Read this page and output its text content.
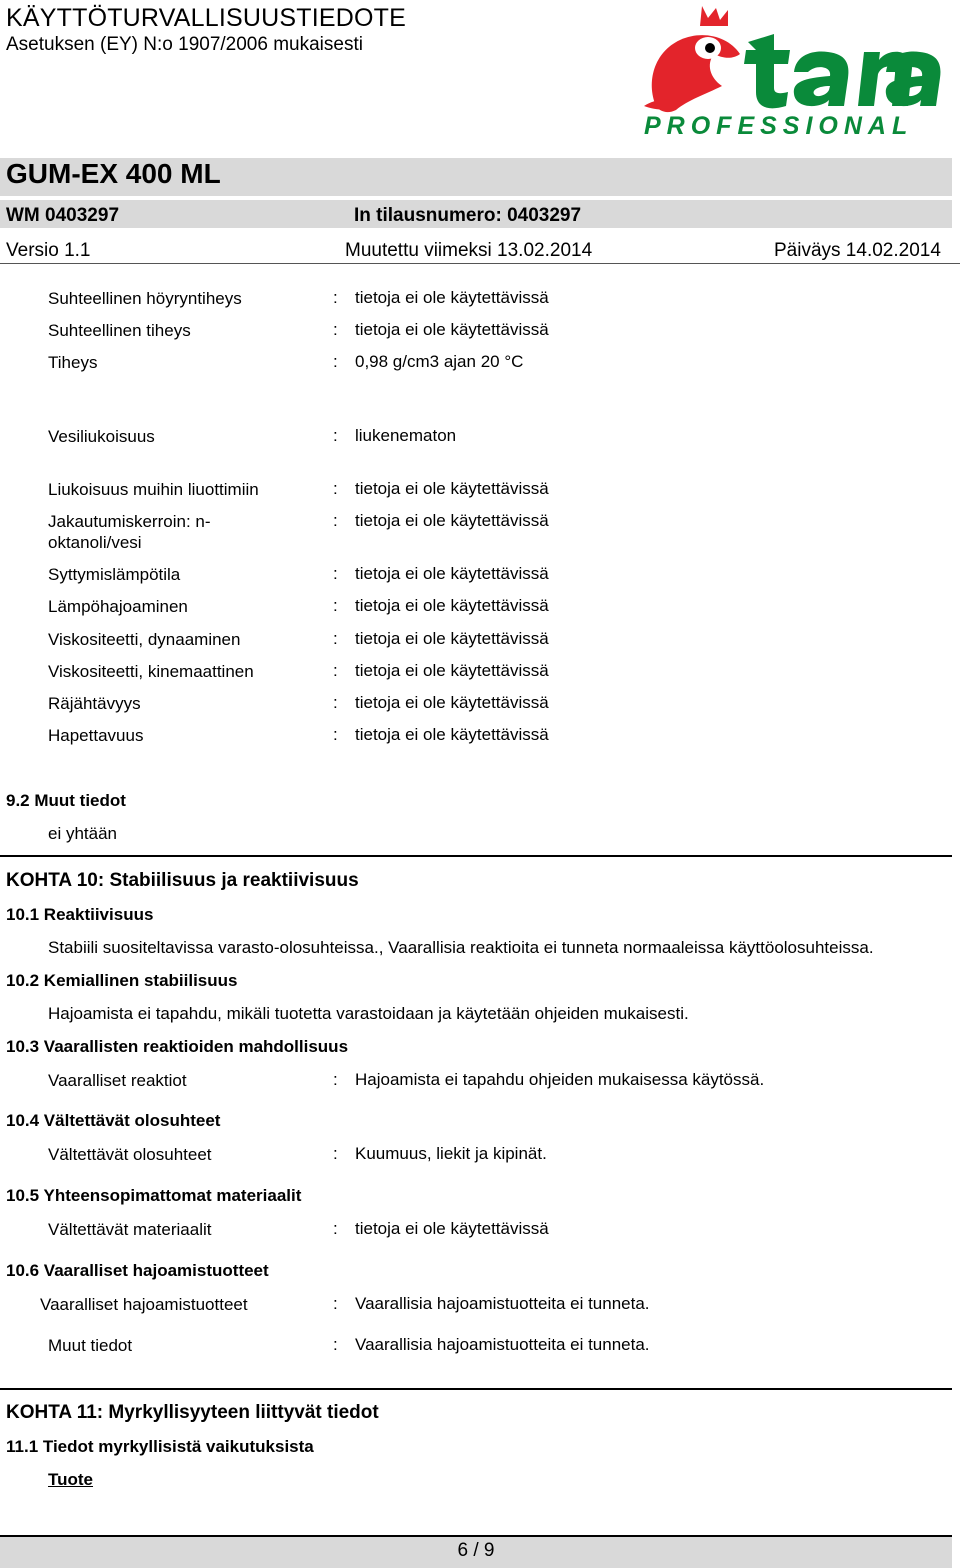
KÄYTTÖTURVALLISUUSTIEDOTE
Asetuksen (EY) N:o 1907/2006 mukaisesti
PROFESSIONAL
GUM-EX 400 ML
WM 0403297	In tilausnumero: 0403297
Versio 1.1	Muutettu viimeksi 13.02.2014	Päiväys 14.02.2014
Suhteellinen höyryntiheys	: tietoja ei ole käytettävissä
Suhteellinen tiheys	: tietoja ei ole käytettävissä
Tiheys	: 0,98 g/cm3 ajan 20 °C
Vesiliukoisuus	: liukenematon
Liukoisuus muihin liuottimiin	: tietoja ei ole käytettävissä
Jakautumiskerroin: n-
oktanoli/vesi
: tietoja ei ole käytettävissä
Syttymislämpötila	: tietoja ei ole käytettävissä
Lämpöhajoaminen	: tietoja ei ole käytettävissä
Viskositeetti, dynaaminen	: tietoja ei ole käytettävissä
Viskositeetti, kinemaattinen	: tietoja ei ole käytettävissä
Räjähtävyys	: tietoja ei ole käytettävissä
Hapettavuus	: tietoja ei ole käytettävissä
9.2 Muut tiedot
ei yhtään
KOHTA 10: Stabiilisuus ja reaktiivisuus
10.1 Reaktiivisuus
Stabiili suositeltavissa varasto-olosuhteissa., Vaarallisia reaktioita ei tunneta normaaleissa käyttöolosuhteissa.
10.2 Kemiallinen stabiilisuus
Hajoamista ei tapahdu, mikäli tuotetta varastoidaan ja käytetään ohjeiden mukaisesti.
10.3 Vaarallisten reaktioiden mahdollisuus
Vaaralliset reaktiot	: Hajoamista ei tapahdu ohjeiden mukaisessa käytössä.
10.4 Vältettävät olosuhteet
Vältettävät olosuhteet	: Kuumuus, liekit ja kipinät.
10.5 Yhteensopimattomat materiaalit
Vältettävät materiaalit	: tietoja ei ole käytettävissä
10.6 Vaaralliset hajoamistuotteet
Vaaralliset hajoamistuotteet	: Vaarallisia hajoamistuotteita ei tunneta.
Muut tiedot	: Vaarallisia hajoamistuotteita ei tunneta.
KOHTA 11: Myrkyllisyyteen liittyvät tiedot
11.1 Tiedot myrkyllisistä vaikutuksista
Tuote
6 / 9
